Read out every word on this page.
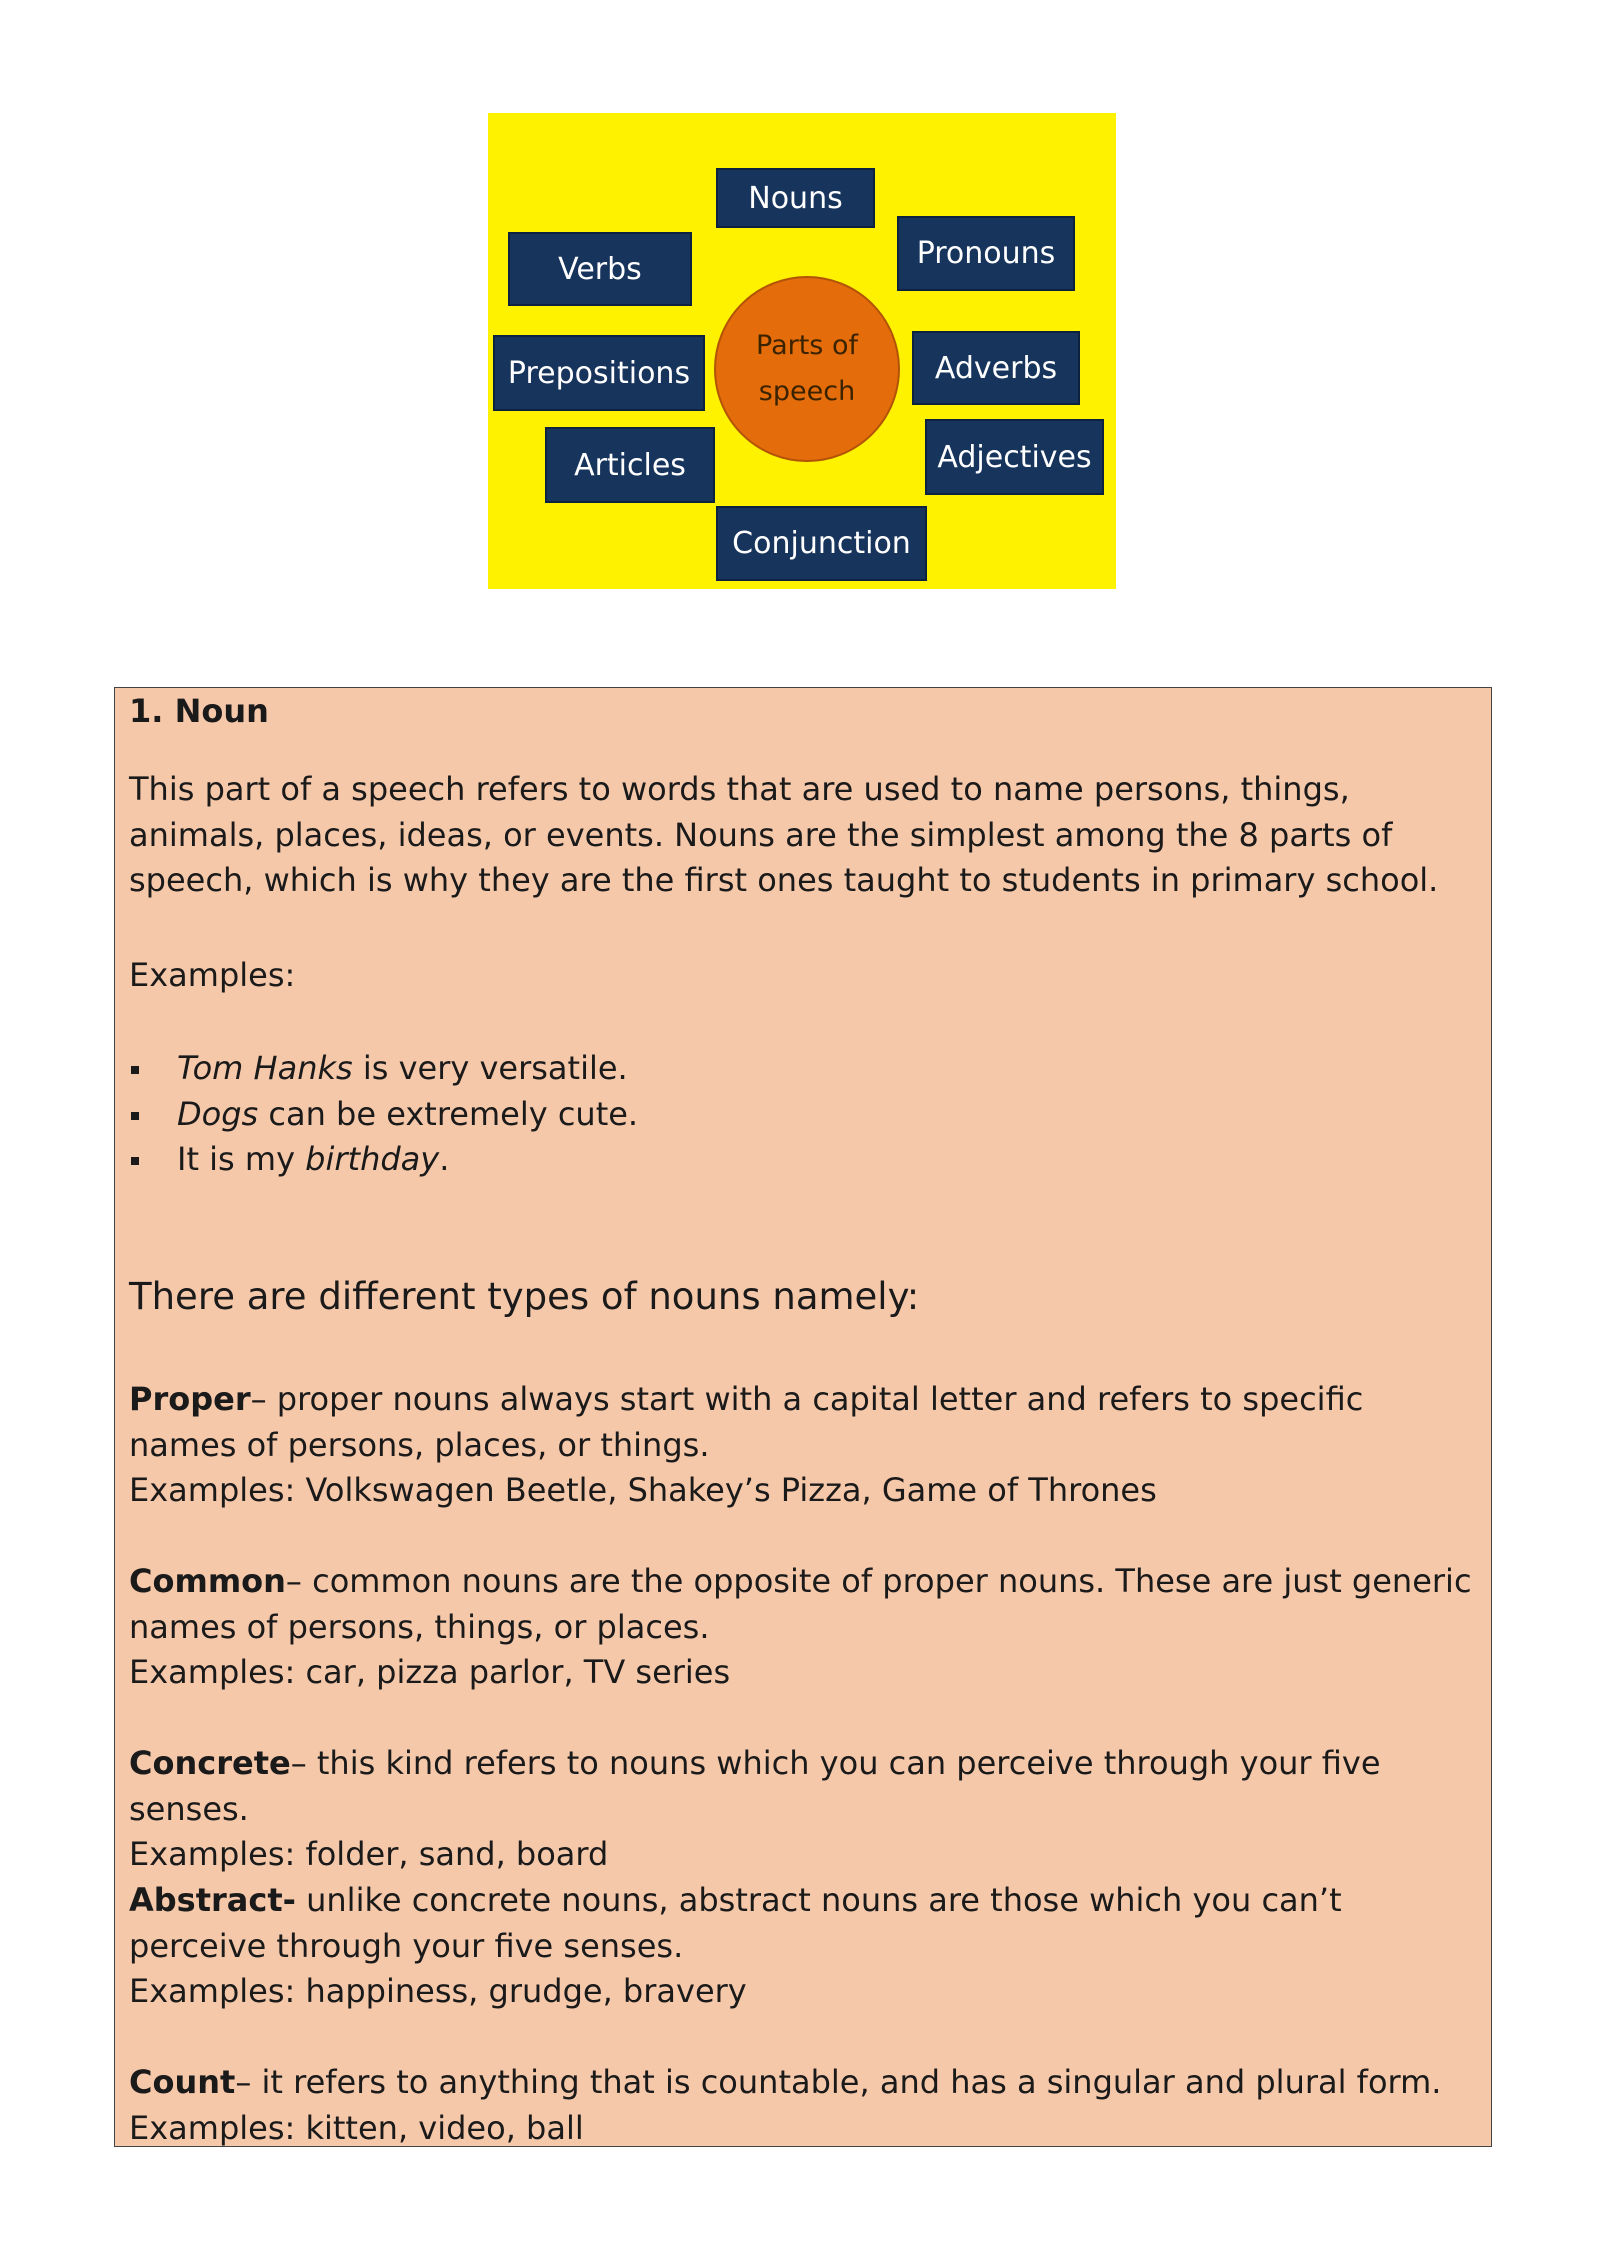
Nouns
Verbs	Pronouns
Prepositions	Adverbs
Articles	Adjectives
Conjunction
Parts of
speech
1. Noun
This part of a speech refers to words that are used to name persons, things, animals, places, ideas, or events. Nouns are the simplest among the 8 parts of speech, which is why they are the first ones taught to students in primary school.
Examples:
Tom Hanks is very versatile.
Dogs can be extremely cute.
It is my birthday.
There are different types of nouns namely:
Proper– proper nouns always start with a capital letter and refers to specific names of persons, places, or things.
Examples: Volkswagen Beetle, Shakey’s Pizza, Game of Thrones
Common– common nouns are the opposite of proper nouns. These are just generic names of persons, things, or places.
Examples: car, pizza parlor, TV series
Concrete– this kind refers to nouns which you can perceive through your five senses.
Examples: folder, sand, board
Abstract- unlike concrete nouns, abstract nouns are those which you can’t perceive through your five senses.
Examples: happiness, grudge, bravery
Count– it refers to anything that is countable, and has a singular and plural form.
Examples: kitten, video, ball
